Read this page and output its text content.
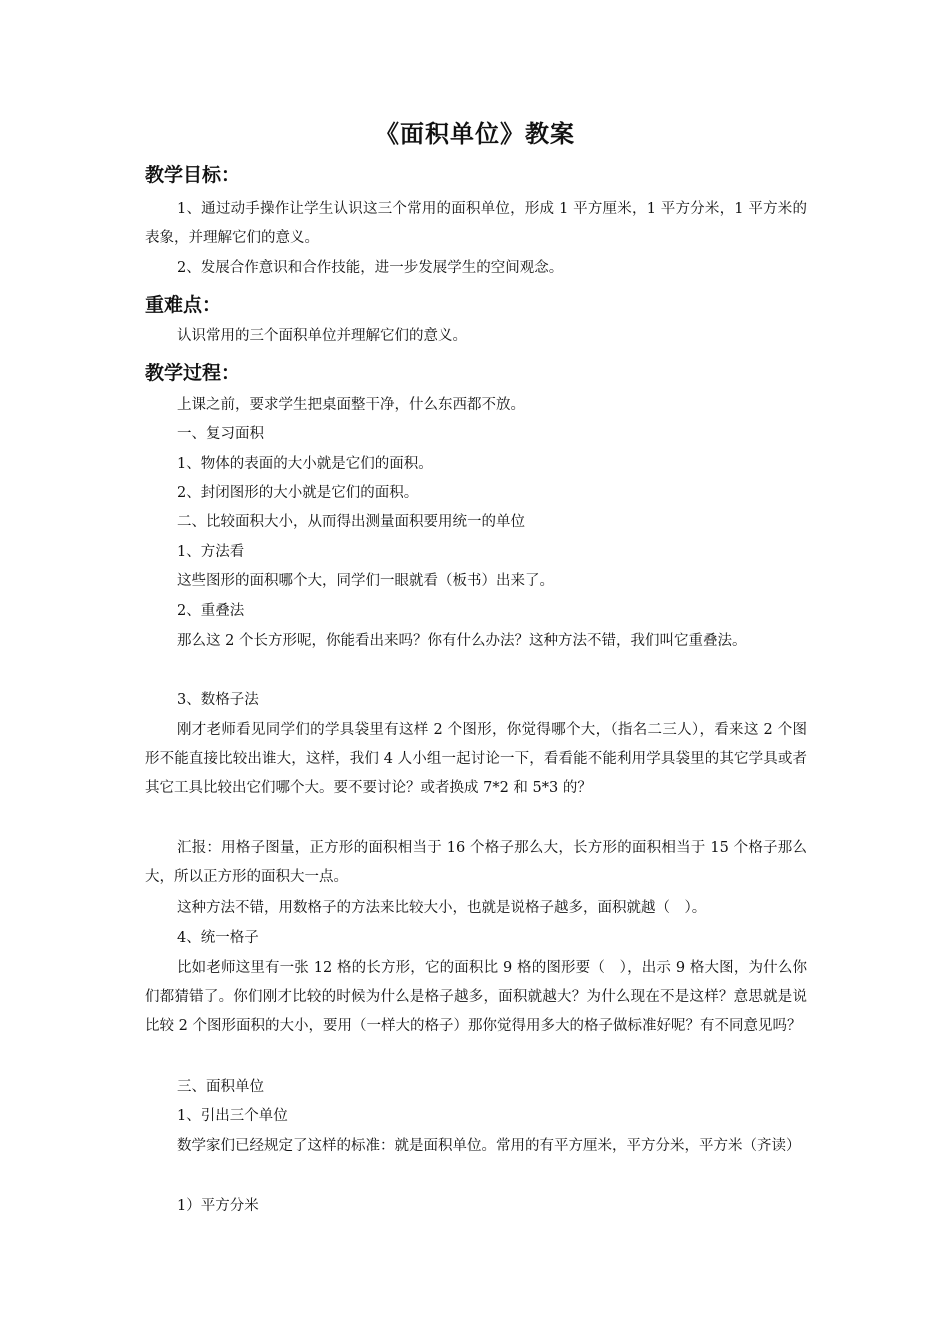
《面积单位》教案
教学目标：

1、通过动手操作让学生认识这三个常用的面积单位，形成 1 平方厘米，1 平方分米，1 平方米的表象，并理解它们的意义。

2、发展合作意识和合作技能，进一步发展学生的空间观念。

重难点：

认识常用的三个面积单位并理解它们的意义。

教学过程：

上课之前，要求学生把桌面整干净，什么东西都不放。

一、复习面积

1、物体的表面的大小就是它们的面积。

2、封闭图形的大小就是它们的面积。

二、比较面积大小，从而得出测量面积要用统一的单位

1、方法看

这些图形的面积哪个大，同学们一眼就看（板书）出来了。

2、重叠法

那么这 2 个长方形呢，你能看出来吗？你有什么办法？这种方法不错，我们叫它重叠法。

3、数格子法

刚才老师看见同学们的学具袋里有这样 2 个图形，你觉得哪个大，（指名二三人），看来这 2 个图形不能直接比较出谁大，这样，我们 4 人小组一起讨论一下，看看能不能利用学具袋里的其它学具或者其它工具比较出它们哪个大。要不要讨论？或者换成 7*2 和 5*3 的？

汇报：用格子图量，正方形的面积相当于 16 个格子那么大，长方形的面积相当于 15 个格子那么大，所以正方形的面积大一点。

这种方法不错，用数格子的方法来比较大小，也就是说格子越多，面积就越（　）。

4、统一格子

比如老师这里有一张 12 格的长方形，它的面积比 9 格的图形要（　），出示 9 格大图，为什么你们都猜错了。你们刚才比较的时候为什么是格子越多，面积就越大？为什么现在不是这样？意思就是说比较 2 个图形面积的大小，要用（一样大的格子）那你觉得用多大的格子做标准好呢？有不同意见吗？

三、面积单位

1、引出三个单位

数学家们已经规定了这样的标准：就是面积单位。常用的有平方厘米，平方分米，平方米（齐读）

1）平方分米
